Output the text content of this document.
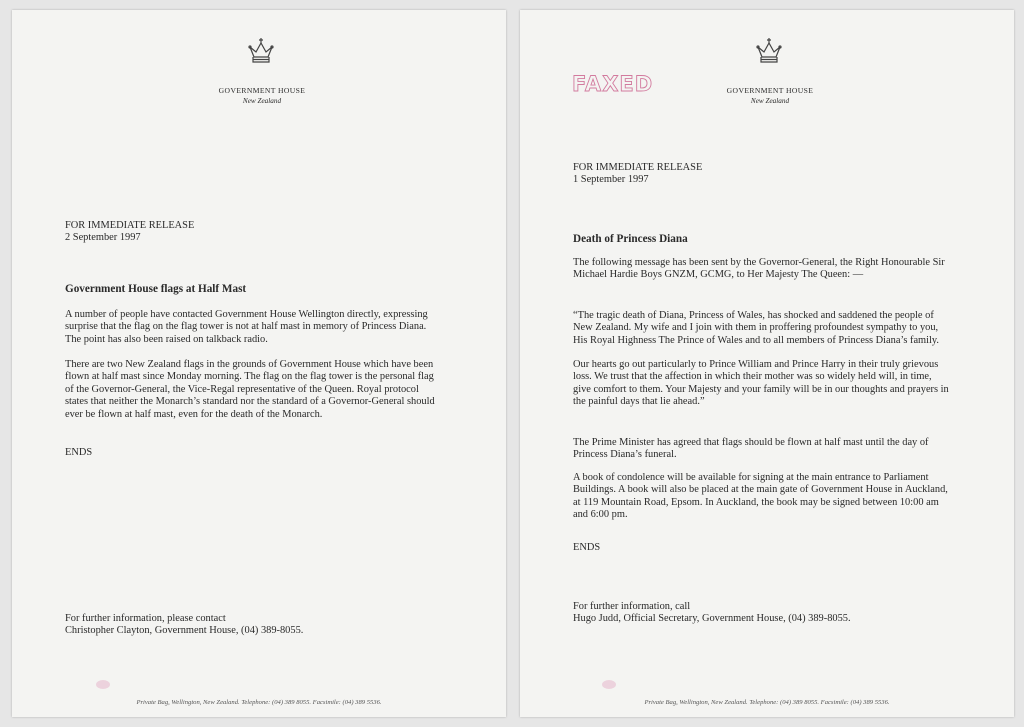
GOVERNMENT HOUSE
New Zealand
FOR IMMEDIATE RELEASE
2 September 1997
Government House flags at Half Mast
A number of people have contacted Government House Wellington directly, expressing surprise that the flag on the flag tower is not at half mast in memory of Princess Diana. The point has also been raised on talkback radio.
There are two New Zealand flags in the grounds of Government House which have been flown at half mast since Monday morning. The flag on the flag tower is the personal flag of the Governor-General, the Vice-Regal representative of the Queen. Royal protocol states that neither the Monarch’s standard nor the standard of a Governor-General should ever be flown at half mast, even for the death of the Monarch.
ENDS
For further information, please contact
Christopher Clayton, Government House, (04) 389-8055.
Private Bag, Wellington, New Zealand. Telephone: (04) 389 8055. Facsimile: (04) 389 5536.
FAXED	GOVERNMENT HOUSE
New Zealand
FOR IMMEDIATE RELEASE
1 September 1997
Death of Princess Diana
The following message has been sent by the Governor-General, the Right Honourable Sir Michael Hardie Boys GNZM, GCMG, to Her Majesty The Queen: —
“The tragic death of Diana, Princess of Wales, has shocked and saddened the people of New Zealand. My wife and I join with them in proffering profoundest sympathy to you, His Royal Highness The Prince of Wales and to all members of Princess Diana’s family.
Our hearts go out particularly to Prince William and Prince Harry in their truly grievous loss. We trust that the affection in which their mother was so widely held will, in time, give comfort to them. Your Majesty and your family will be in our thoughts and prayers in the painful days that lie ahead.”
The Prime Minister has agreed that flags should be flown at half mast until the day of Princess Diana’s funeral.
A book of condolence will be available for signing at the main entrance to Parliament Buildings. A book will also be placed at the main gate of Government House in Auckland, at 119 Mountain Road, Epsom. In Auckland, the book may be signed between 10:00 am and 6:00 pm.
ENDS
For further information, call
Hugo Judd, Official Secretary, Government House, (04) 389-8055.
Private Bag, Wellington, New Zealand. Telephone: (04) 389 8055. Facsimile: (04) 389 5536.
